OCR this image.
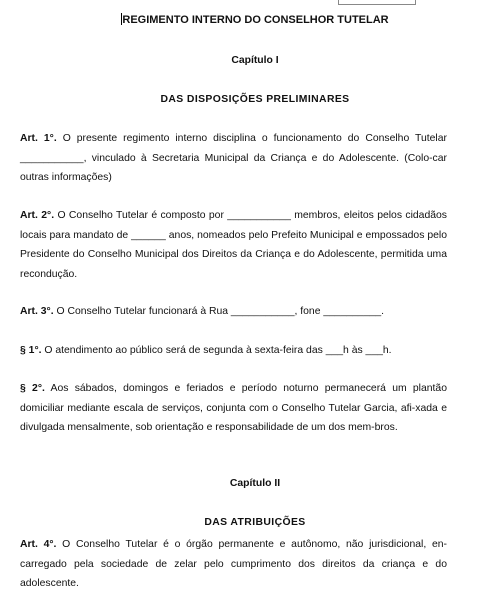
REGIMENTO INTERNO DO CONSELHOR TUTELAR
Capítulo I
DAS DISPOSIÇÕES PRELIMINARES
Art. 1°. O presente regimento interno disciplina o funcionamento do Conselho Tutelar ___________, vinculado à Secretaria Municipal da Criança e do Adolescente. (Colo-car outras informações)
Art. 2°. O Conselho Tutelar é composto por ___________ membros, eleitos pelos cidadãos locais para mandato de ______ anos, nomeados pelo Prefeito Municipal e empossados pelo Presidente do Conselho Municipal dos Direitos da Criança e do Adolescente, permitida uma recondução.
Art. 3°. O Conselho Tutelar funcionará à Rua ___________, fone __________.
§ 1°. O atendimento ao público será de segunda à sexta-feira das ___h às ___h.
§ 2°. Aos sábados, domingos e feriados e período noturno permanecerá um plantão domiciliar mediante escala de serviços, conjunta com o Conselho Tutelar Garcia, afi-xada e divulgada mensalmente, sob orientação e responsabilidade de um dos mem-bros.
Capítulo II
DAS ATRIBUIÇÕES
Art. 4°. O Conselho Tutelar é o órgão permanente e autônomo, não jurisdicional, en-carregado pela sociedade de zelar pelo cumprimento dos direitos da criança e do adolescente.
